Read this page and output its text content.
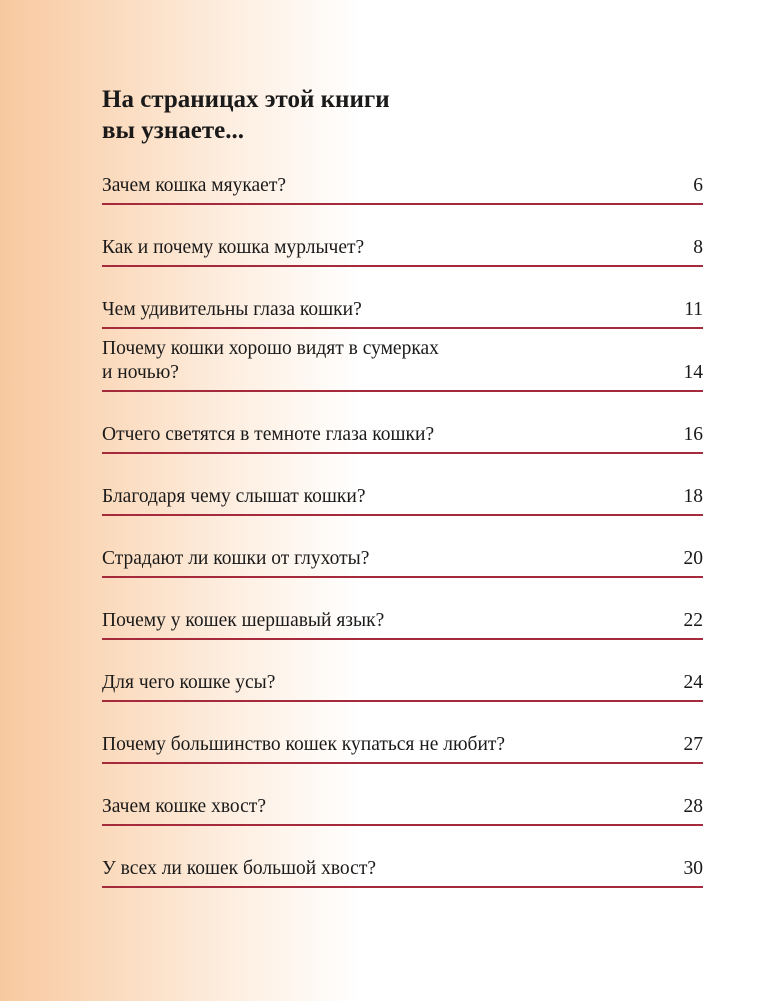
На страницах этой книги
вы узнаете...
Зачем кошка мяукает?	6
Как и почему кошка мурлычет?	8
Чем удивительны глаза кошки?	11
Почему кошки хорошо видят в сумерках
и ночью?	14
Отчего светятся в темноте глаза кошки?	16
Благодаря чему слышат кошки?	18
Страдают ли кошки от глухоты?	20
Почему у кошек шершавый язык?	22
Для чего кошке усы?	24
Почему большинство кошек купаться не любит?	27
Зачем кошке хвост?	28
У всех ли кошек большой хвост?	30
